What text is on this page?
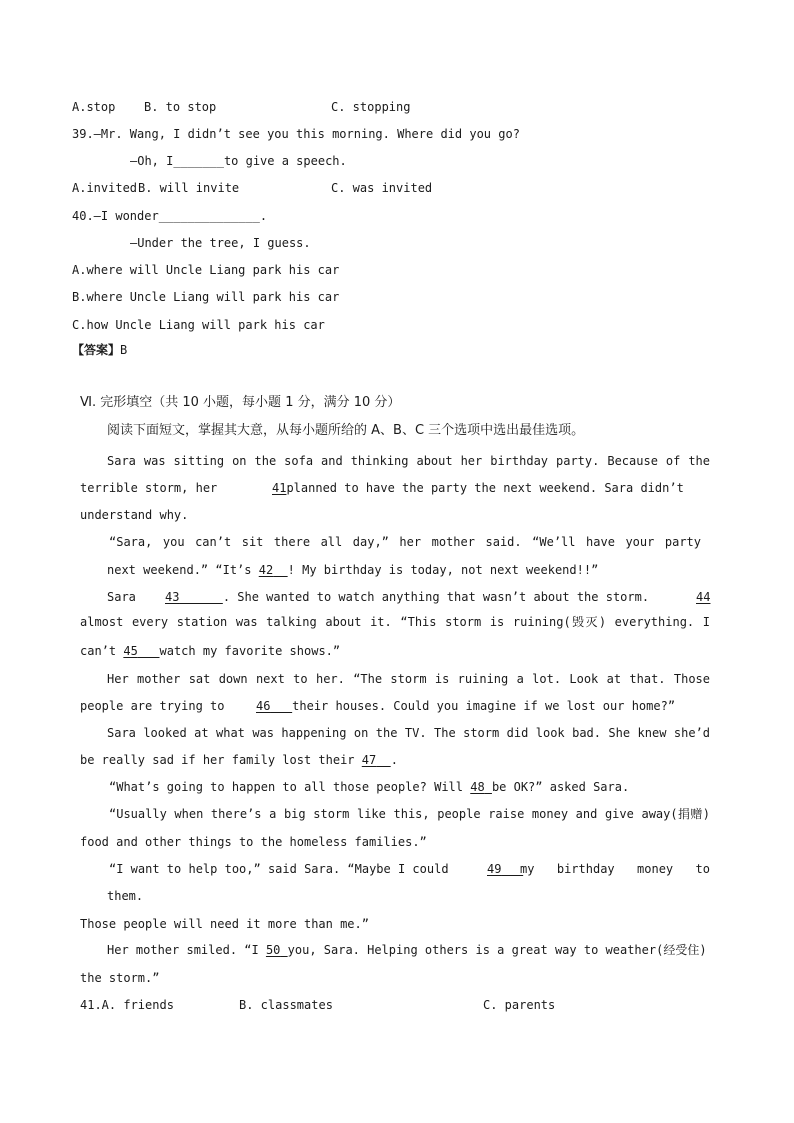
A.stop B. to stop	C. stopping
39.—Mr. Wang, I didn’t see you this morning. Where did you go?
—Oh, I_______to give a speech.
A.invited B. will invite	C. was invited
40.—I wonder______________.
—Under the tree, I guess.
A.where will Uncle Liang park his car
B.where Uncle Liang will park his car
C.how Uncle Liang will park his car
【答案】B
Ⅵ. 完形填空（共 10 小题，每小题 1 分，满分 10 分）
阅读下面短文，掌握其大意，从每小题所给的 A、B、C 三个选项中选出最佳选项。
Sara was sitting on the sofa and thinking about her birthday party. Because of the
terrible storm, her	41planned to have the party the next weekend. Sara didn’t
understand why.
“Sara, you can’t sit there all day,” her mother said. “We’ll have your party
next weekend.” “It’s 42 ! My birthday is today, not next weekend!!”
Sara 43	. She wanted to watch anything that wasn’t about the storm.	44
almost every station was talking about it. “This storm is ruining(毁灭) everything. I
can’t 45 watch my favorite shows.”
Her mother sat down next to her. “The storm is ruining a lot. Look at that. Those
people are trying to	46 their houses. Could you imagine if we lost our home?”
Sara looked at what was happening on the TV. The storm did look bad. She knew she’d
be really sad if her family lost their 47 .
“What’s going to happen to all those people? Will 48 be OK?” asked Sara.
“Usually when there’s a big storm like this, people raise money and give away(捐赠)
food and other things to the homeless families.”
“I want to help too,” said Sara. “Maybe I could	49	my birthday money to
them.
Those people will need it more than me.”
Her mother smiled. “I 50 you, Sara. Helping others is a great way to weather(经受住)
the storm.”
41.A. friends	B. classmates	C. parents
